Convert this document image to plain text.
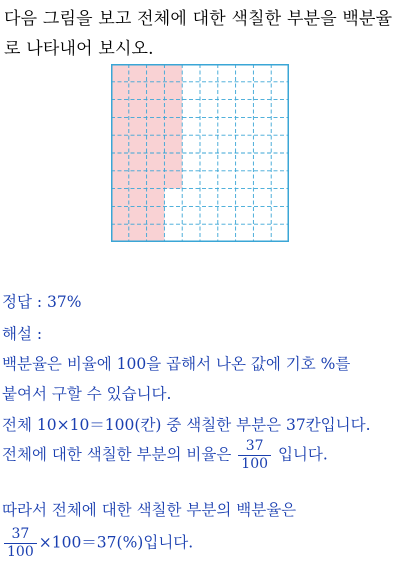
다음 그림을 보고 전체에 대한 색칠한 부분을 백분율

로 나타내어 보시오.

정답 : 37%
해설 :
백분율은 비율에 100을 곱해서 나온 값에 기호 %를
붙여서 구할 수 있습니다.
전체 10×10＝100(칸) 중 색칠한 부분은 37칸입니다.
전체에 대한 색칠한 부분의 비율은 $\frac{37}{100}$ 입니다.
따라서 전체에 대한 색칠한 부분의 백분율은
$\frac{37}{100} \times 100=37(\%)$입니다.
